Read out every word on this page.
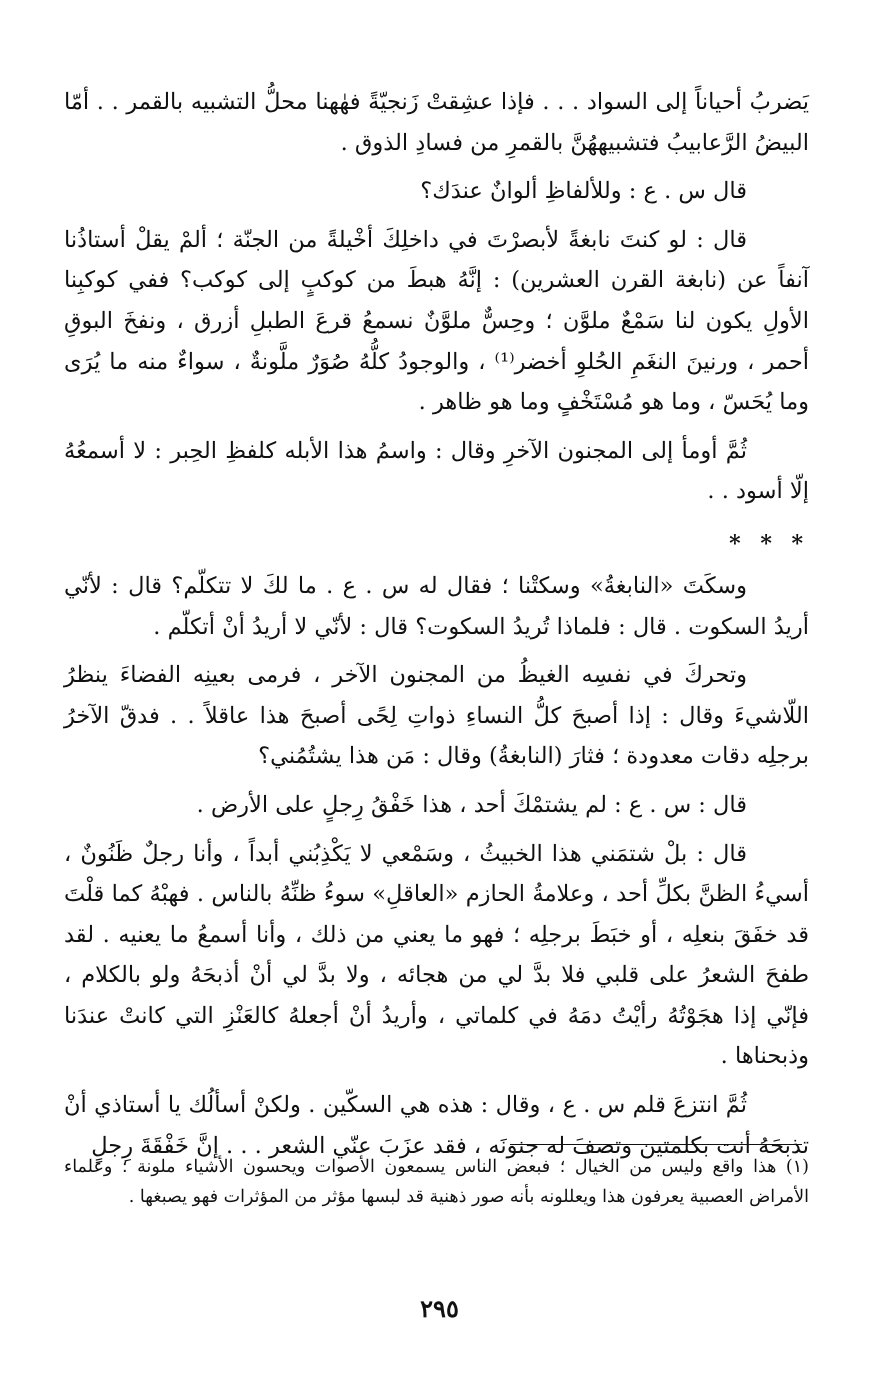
يَضربُ أحياناً إلى السواد . . . فإذا عشِقتْ زَنجيّةً فهٰهنا محلُّ التشبيه بالقمر . . أمّا البيضُ الرَّعابيبُ فتشبيههُنَّ بالقمرِ من فسادِ الذوق .

قال س . ع : وللألفاظِ ألوانٌ عندَك؟

قال : لو كنتَ نابغةً لأبصرْتَ في داخلِكَ أخْيلةً من الجنّة ؛ ألمْ يقلْ أستاذُنا آنفاً عن (نابغة القرن العشرين) : إنَّهُ هبطَ من كوكبٍ إلى كوكب؟ ففي كوكبِنا الأولِ يكون لنا سَمْعٌ ملوَّن ؛ وحِسٌّ ملوَّنٌ نسمعُ قرعَ الطبلِ أزرق ، ونفخَ البوقِ أحمر ، ورنينَ النغَمِ الحُلوِ أخضر⁽¹⁾ ، والوجودُ كلُّهُ صُوَرٌ ملَّونةٌ ، سواءٌ منه ما يُرَى وما يُحَسّ ، وما هو مُسْتَخْفٍ وما هو ظاهر .

ثُمَّ أومأ إلى المجنون الآخرِ وقال : واسمُ هذا الأبله كلفظِ الحِبر : لا أسمعُهُ إلّا أسود . .

* * *

وسكَتَ «النابغةُ» وسكتْنا ؛ فقال له س . ع . ما لكَ لا تتكلّم؟ قال : لأنّي أريدُ السكوت . قال : فلماذا تُريدُ السكوت؟ قال : لأنّي لا أريدُ أنْ أتكلّم .

وتحركَ في نفسِه الغيظُ من المجنون الآخر ، فرمى بعينِه الفضاءَ ينظرُ اللّاشيءَ وقال : إذا أصبحَ كلُّ النساءِ ذواتِ لِحًى أصبحَ هذا عاقلاً . . فدقّ الآخرُ برجلِه دقات معدودة ؛ فثارَ (النابغةُ) وقال : مَن هذا يشتُمُني؟

قال : س . ع : لم يشتمْكَ أحد ، هذا خَفْقُ رِجلٍ على الأرض .

قال : بلْ شتمَني هذا الخبيثُ ، وسَمْعي لا يَكْذِبُني أبداً ، وأنا رجلٌ ظَنُونٌ ، أسيءُ الظنَّ بكلِّ أحد ، وعلامةُ الحازم «العاقلِ» سوءُ ظنِّهُ بالناس . فهبْهُ كما قلْتَ قد خفَقَ بنعلِه ، أو خبَطَ برجلِه ؛ فهو ما يعني من ذلك ، وأنا أسمعُ ما يعنيه . لقد طفحَ الشعرُ على قلبي فلا بدَّ لي من هجائه ، ولا بدَّ لي أنْ أذبحَهُ ولو بالكلام ، فإنّي إذا هجَوْتُهُ رأيْتُ دمَهُ في كلماتي ، وأريدُ أنْ أجعلهُ كالعَنْزِ التي كانتْ عندَنا وذبحناها .

ثُمَّ انتزعَ قلم س . ع ، وقال : هذه هي السكّين . ولكنْ أسألُك يا أستاذي أنْ تذبحَهُ أنت بكلمتين وتصفَ له جنونَه ، فقد عزَبَ عنّي الشعر . . . إنَّ خَفْقَةَ رِجلٍ

(١) هذا واقع وليس من الخيال ؛ فبعض الناس يسمعون الأصوات ويحسون الأشياء ملونة ؛ وعلماء الأمراض العصبية يعرفون هذا ويعللونه بأنه صور ذهنية قد لبسها مؤثر من المؤثرات فهو يصبغها .

٢٩٥
